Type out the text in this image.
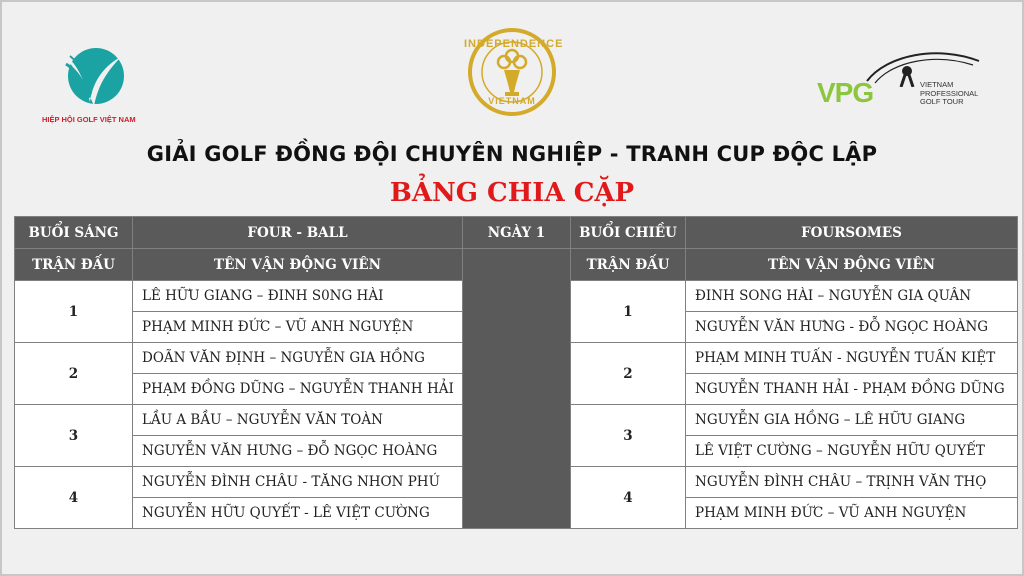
HIỆP HỘI GOLF VIỆT NAM
INDEPENDENCE
VIETNAM	VPG	VIETNAM
PROFESSIONAL
GOLF TOUR
GIẢI GOLF ĐỒNG ĐỘI CHUYÊN NGHIỆP - TRANH CUP ĐỘC LẬP
BẢNG CHIA CẶP
BUỔI SÁNG	FOUR - BALL	NGÀY 1	BUỔI CHIỀU	FOURSOMES
TRẬN ĐẤU	TÊN VẬN ĐỘNG VIÊN		TRẬN ĐẤU	TÊN VẬN ĐỘNG VIÊN
1	LÊ HỮU GIANG – ĐINH S0NG HÀI		1	ĐINH SONG HÀI – NGUYỄN GIA QUÂN
	PHẠM MINH ĐỨC – VŨ ANH NGUYỆN			NGUYỄN VĂN HƯNG - ĐỖ NGỌC HOÀNG
2	DOÃN VĂN ĐỊNH – NGUYỄN GIA HỒNG		2	PHẠM MINH TUẤN - NGUYỄN TUẤN KIỆT
	PHẠM ĐỒNG DŨNG – NGUYỄN THANH HẢI			NGUYỄN THANH HẢI - PHẠM ĐỒNG DŨNG
3	LẦU A BẦU – NGUYỄN VĂN TOÀN		3	NGUYỄN GIA HỒNG – LÊ HỮU GIANG
	NGUYỄN VĂN HƯNG – ĐỖ NGỌC HOÀNG			LÊ VIỆT CƯỜNG – NGUYỄN HỮU QUYẾT
4	NGUYỄN ĐÌNH CHÂU - TĂNG NHƠN PHÚ		4	NGUYỄN ĐÌNH CHÂU – TRỊNH VĂN THỌ
	NGUYỄN HỮU QUYẾT - LÊ VIỆT CƯỜNG			PHẠM MINH ĐỨC – VŨ ANH NGUYỆN
